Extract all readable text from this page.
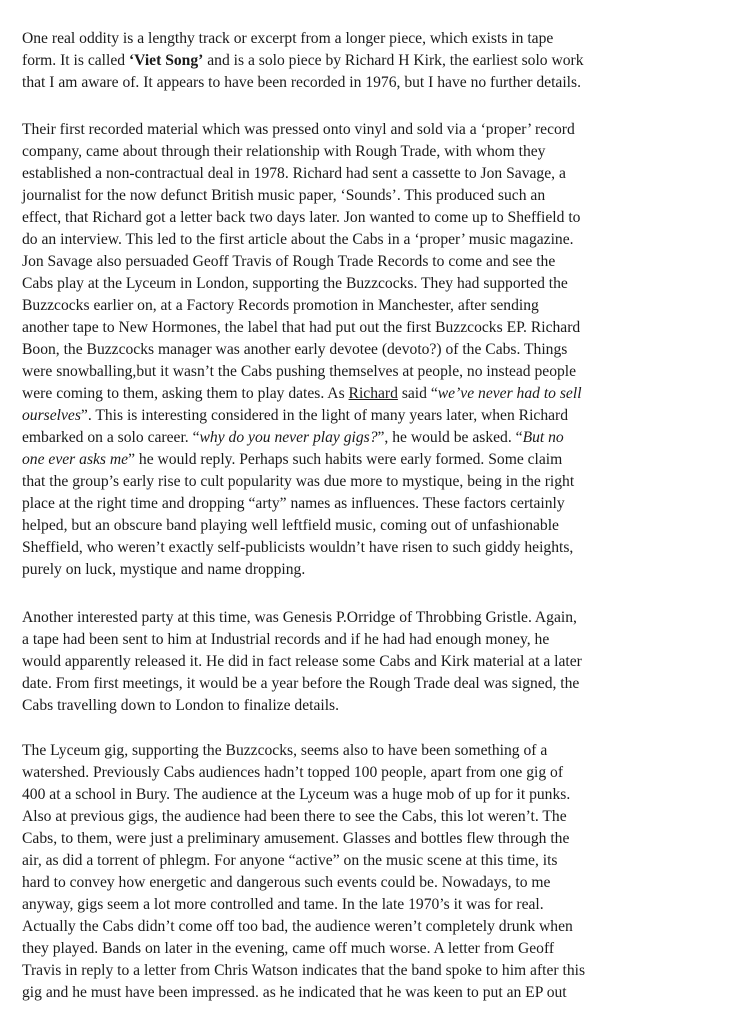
One real oddity is a lengthy track or excerpt from a longer piece, which exists in tape
form. It is called ‘Viet Song’ and is a solo piece by Richard H Kirk, the earliest solo work
that I am aware of. It appears to have been recorded in 1976, but I have no further details.
Their first recorded material which was pressed onto vinyl and sold via a ‘proper’ record
company, came about through their relationship with Rough Trade, with whom they
established a non-contractual deal in 1978. Richard had sent a cassette to Jon Savage, a
journalist for the now defunct British music paper, ‘Sounds’. This produced such an
effect, that Richard got a letter back two days later. Jon wanted to come up to Sheffield to
do an interview. This led to the first article about the Cabs in a ‘proper’ music magazine.
Jon Savage also persuaded Geoff Travis of Rough Trade Records to come and see the
Cabs play at the Lyceum in London, supporting the Buzzcocks. They had supported the
Buzzcocks earlier on, at a Factory Records promotion in Manchester, after sending
another tape to New Hormones, the label that had put out the first Buzzcocks EP. Richard
Boon, the Buzzcocks manager was another early devotee (devoto?) of the Cabs. Things
were snowballing,but it wasn’t the Cabs pushing themselves at people, no instead people
were coming to them, asking them to play dates. As Richard said “we’ve never had to sell
ourselves”. This is interesting considered in the light of many years later, when Richard
embarked on a solo career. “why do you never play gigs?”, he would be asked. “But no
one ever asks me” he would reply. Perhaps such habits were early formed. Some claim
that the group’s early rise to cult popularity was due more to mystique, being in the right
place at the right time and dropping “arty” names as influences. These factors certainly
helped, but an obscure band playing well leftfield music, coming out of unfashionable
Sheffield, who weren’t exactly self-publicists wouldn’t have risen to such giddy heights,
purely on luck, mystique and name dropping.
Another interested party at this time, was Genesis P.Orridge of Throbbing Gristle. Again,
a tape had been sent to him at Industrial records and if he had had enough money, he
would apparently released it. He did in fact release some Cabs and Kirk material at a later
date. From first meetings, it would be a year before the Rough Trade deal was signed, the
Cabs travelling down to London to finalize details.
The Lyceum gig, supporting the Buzzcocks, seems also to have been something of a
watershed. Previously Cabs audiences hadn’t topped 100 people, apart from one gig of
400 at a school in Bury. The audience at the Lyceum was a huge mob of up for it punks.
Also at previous gigs, the audience had been there to see the Cabs, this lot weren’t. The
Cabs, to them, were just a preliminary amusement. Glasses and bottles flew through the
air, as did a torrent of phlegm. For anyone “active” on the music scene at this time, its
hard to convey how energetic and dangerous such events could be. Nowadays, to me
anyway, gigs seem a lot more controlled and tame. In the late 1970’s it was for real.
Actually the Cabs didn’t come off too bad, the audience weren’t completely drunk when
they played. Bands on later in the evening, came off much worse. A letter from Geoff
Travis in reply to a letter from Chris Watson indicates that the band spoke to him after this
gig and he must have been impressed. as he indicated that he was keen to put an EP out
